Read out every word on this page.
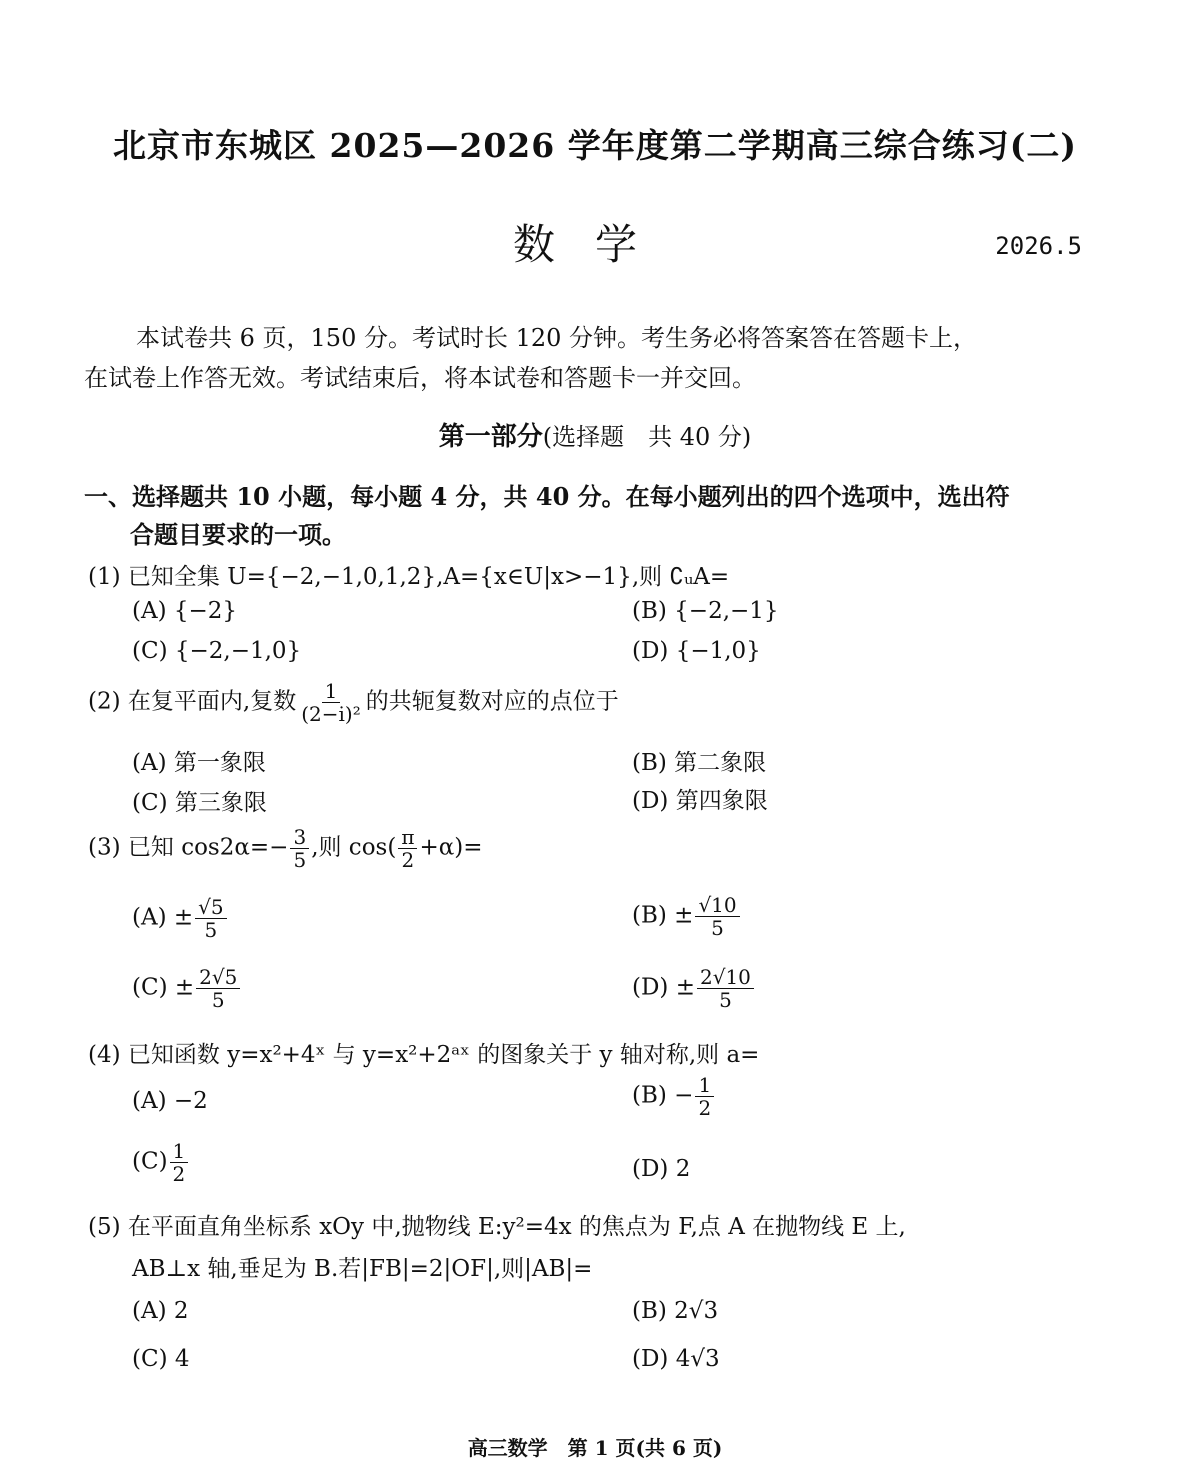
北京市东城区 2025—2026 学年度第二学期高三综合练习(二)
数学	2026.5

本试卷共 6 页，150 分。考试时长 120 分钟。考生务必将答案答在答题卡上，

在试卷上作答无效。考试结束后，将本试卷和答题卡一并交回。
第一部分(选择题　共 40 分)
一、选择题共 10 小题，每小题 4 分，共 40 分。在每小题列出的四个选项中，选出符
合题目要求的一项。
(1) 已知全集 U={−2,−1,0,1,2},A={x∈U|x>−1},则 ∁ᵤA=
(A) {−2}	(B) {−2,−1}
(C) {−2,−1,0}	(D) {−1,0}
(2) 在复平面内,复数 $\frac{1}{\text{(2−i)²}}$ 的共轭复数对应的点位于
(A) 第一象限	(B) 第二象限
(C) 第三象限	(D) 第四象限
(3) 已知 $\cos 2\alpha=- \frac{3}{5}$ ,则 $\cos( \frac{\pi}{2} +\alpha)=$
$(A) \pm \frac{√5}{5}$	$(B) \pm \frac{√10}{5}$
$(C) \pm \frac{2√5}{5}$	$(D) \pm \frac{2√10}{5}$
(4) 已知函数 y=x²+4ˣ 与 y=x²+2ᵃˣ 的图象关于 y 轴对称,则 a=
(A) −2	$(B) - \frac{1}{2}$
$(C) \frac{1}{2}$	(D) 2
(5) 在平面直角坐标系 xOy 中,抛物线 E:y²=4x 的焦点为 F,点 A 在抛物线 E 上,
AB⊥x 轴,垂足为 B.若|FB|=2|OF|,则|AB|=
(A) 2	(B) 2√3
(C) 4	(D) 4√3
高三数学　第 1 页(共 6 页)
